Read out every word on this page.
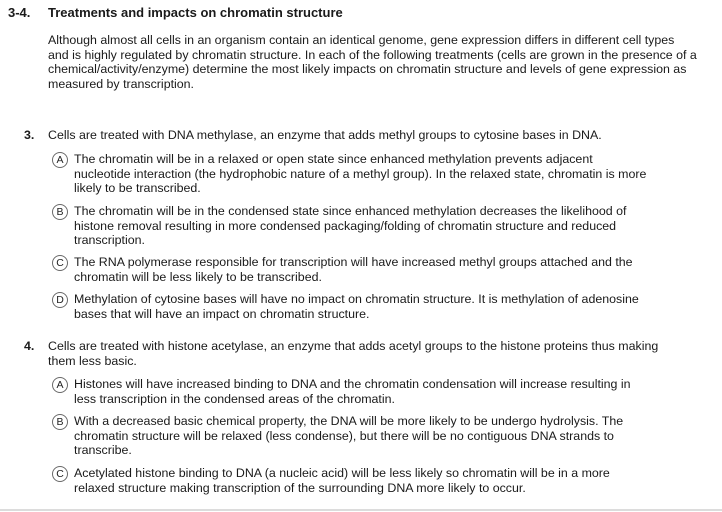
3-4. Treatments and impacts on chromatin structure
Although almost all cells in an organism contain an identical genome, gene expression differs in different cell types and is highly regulated by chromatin structure. In each of the following treatments (cells are grown in the presence of a chemical/activity/enzyme) determine the most likely impacts on chromatin structure and levels of gene expression as measured by transcription.
3. Cells are treated with DNA methylase, an enzyme that adds methyl groups to cytosine bases in DNA.
A The chromatin will be in a relaxed or open state since enhanced methylation prevents adjacent nucleotide interaction (the hydrophobic nature of a methyl group). In the relaxed state, chromatin is more likely to be transcribed.
B The chromatin will be in the condensed state since enhanced methylation decreases the likelihood of histone removal resulting in more condensed packaging/folding of chromatin structure and reduced transcription.
C The RNA polymerase responsible for transcription will have increased methyl groups attached and the chromatin will be less likely to be transcribed.
D Methylation of cytosine bases will have no impact on chromatin structure. It is methylation of adenosine bases that will have an impact on chromatin structure.
4. Cells are treated with histone acetylase, an enzyme that adds acetyl groups to the histone proteins thus making them less basic.
A Histones will have increased binding to DNA and the chromatin condensation will increase resulting in less transcription in the condensed areas of the chromatin.
B With a decreased basic chemical property, the DNA will be more likely to be undergo hydrolysis. The chromatin structure will be relaxed (less condense), but there will be no contiguous DNA strands to transcribe.
C Acetylated histone binding to DNA (a nucleic acid) will be less likely so chromatin will be in a more relaxed structure making transcription of the surrounding DNA more likely to occur.
